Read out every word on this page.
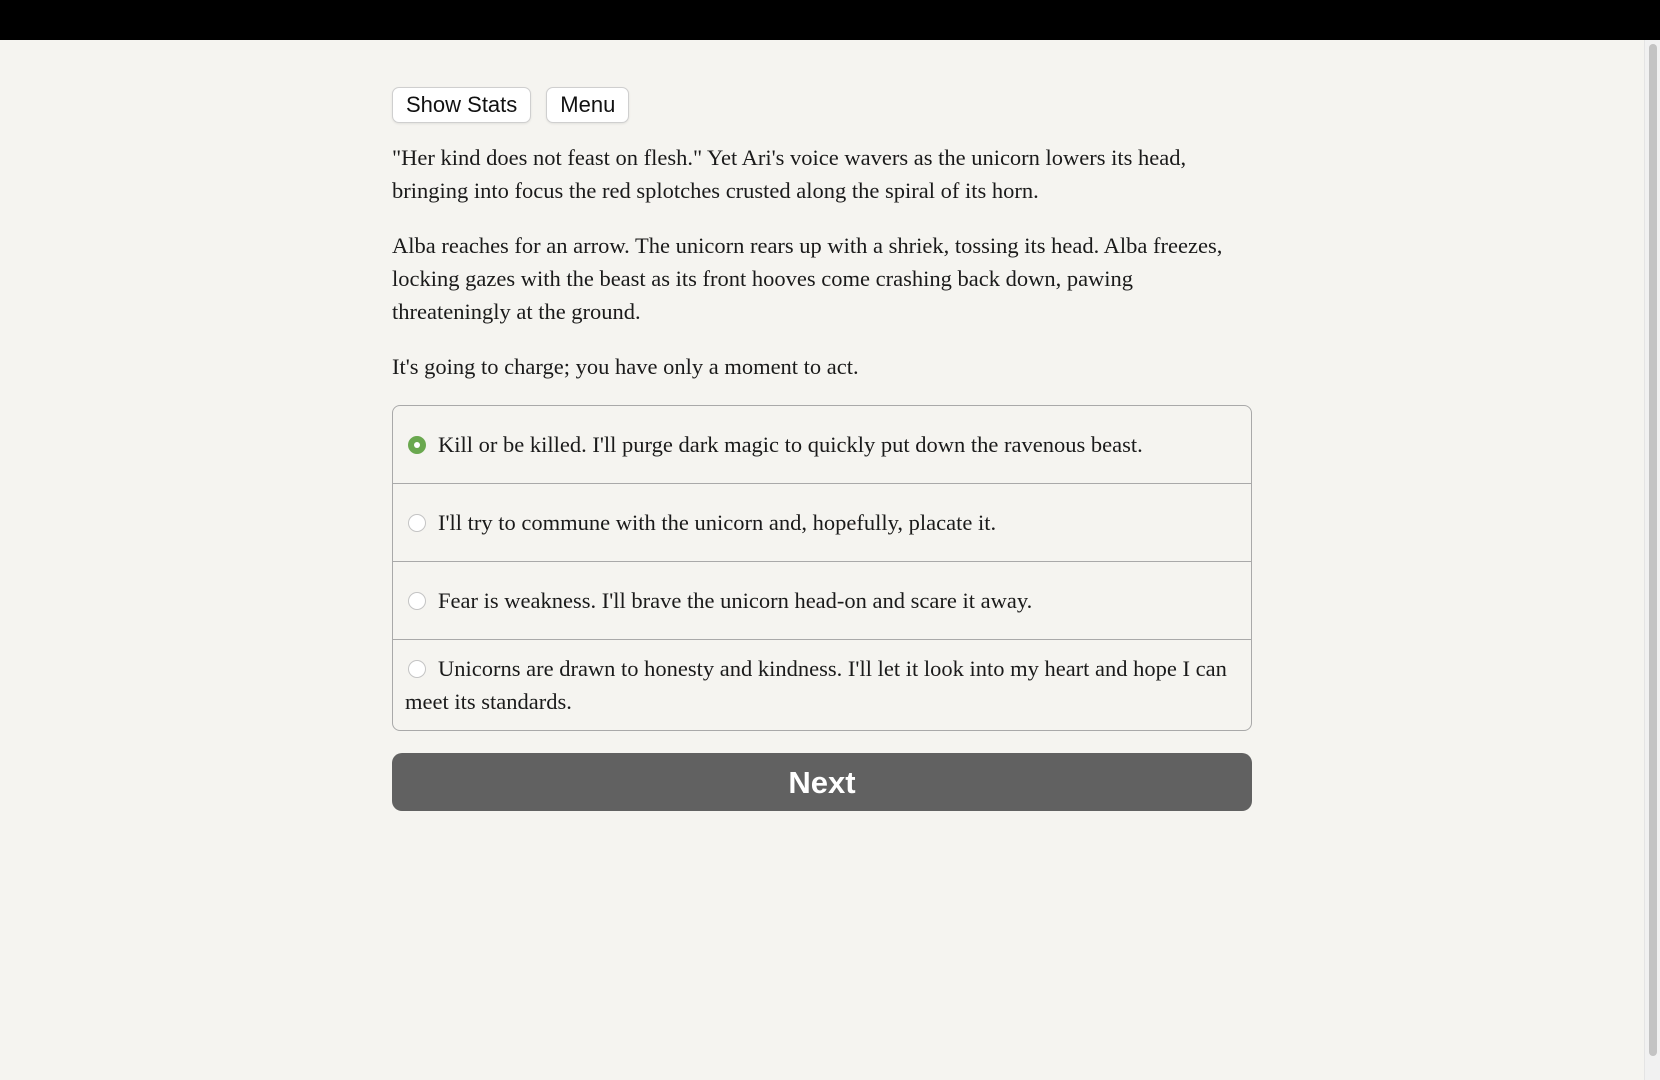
Show Stats	Menu

"Her kind does not feast on flesh." Yet Ari's voice wavers as the unicorn lowers its head, bringing into focus the red splotches crusted along the spiral of its horn.

Alba reaches for an arrow. The unicorn rears up with a shriek, tossing its head. Alba freezes, locking gazes with the beast as its front hooves come crashing back down, pawing threateningly at the ground.

It's going to charge; you have only a moment to act.

Kill or be killed. I'll purge dark magic to quickly put down the ravenous beast.
I'll try to commune with the unicorn and, hopefully, placate it.
Fear is weakness. I'll brave the unicorn head-on and scare it away.
Unicorns are drawn to honesty and kindness. I'll let it look into my heart and hope I can meet its standards.
Next
